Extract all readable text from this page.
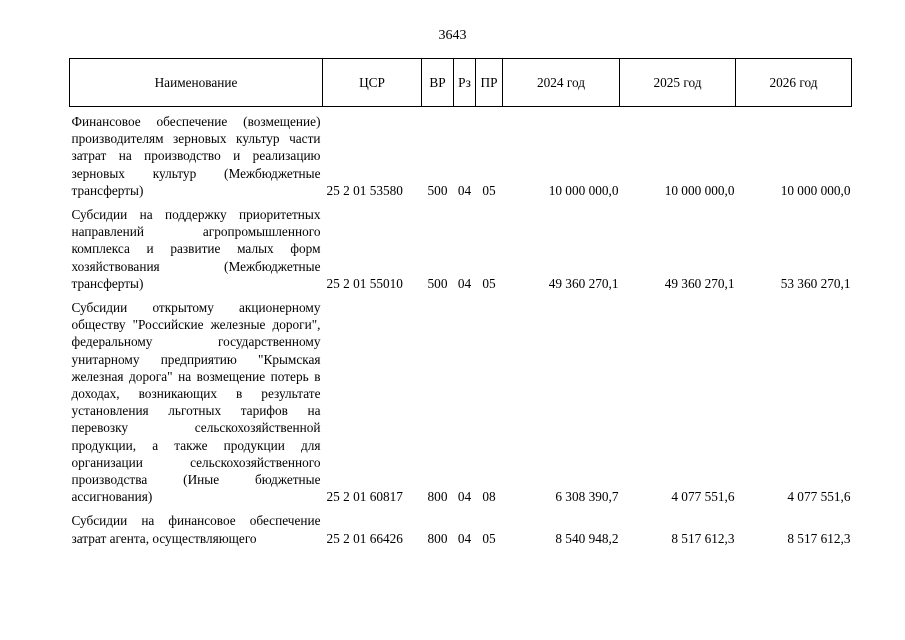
3643
Наименование	ЦСР	ВР	Рз	ПР	2024 год	2025 год	2026 год
Финансовое обеспечение (возмещение) производителям зерновых культур части затрат на производство и реализацию зерновых культур (Межбюджетные трансферты)	25 2 01 53580	500	04	05	10 000 000,0	10 000 000,0	10 000 000,0

Субсидии на поддержку приоритетных направлений агропромышленного комплекса и развитие малых форм хозяйствования (Межбюджетные трансферты)	25 2 01 55010	500	04	05	49 360 270,1	49 360 270,1	53 360 270,1

Субсидии открытому акционерному обществу "Российские железные дороги", федеральному государственному унитарному предприятию "Крымская железная дорога" на возмещение потерь в доходах, возникающих в результате установления льготных тарифов на перевозку сельскохозяйственной продукции, а также продукции для организации сельскохозяйственного производства (Иные бюджетные ассигнования)	25 2 01 60817	800	04	08	6 308 390,7	4 077 551,6	4 077 551,6

Субсидии на финансовое обеспечение затрат агента, осуществляющего	25 2 01 66426	800	04	05	8 540 948,2	8 517 612,3	8 517 612,3
